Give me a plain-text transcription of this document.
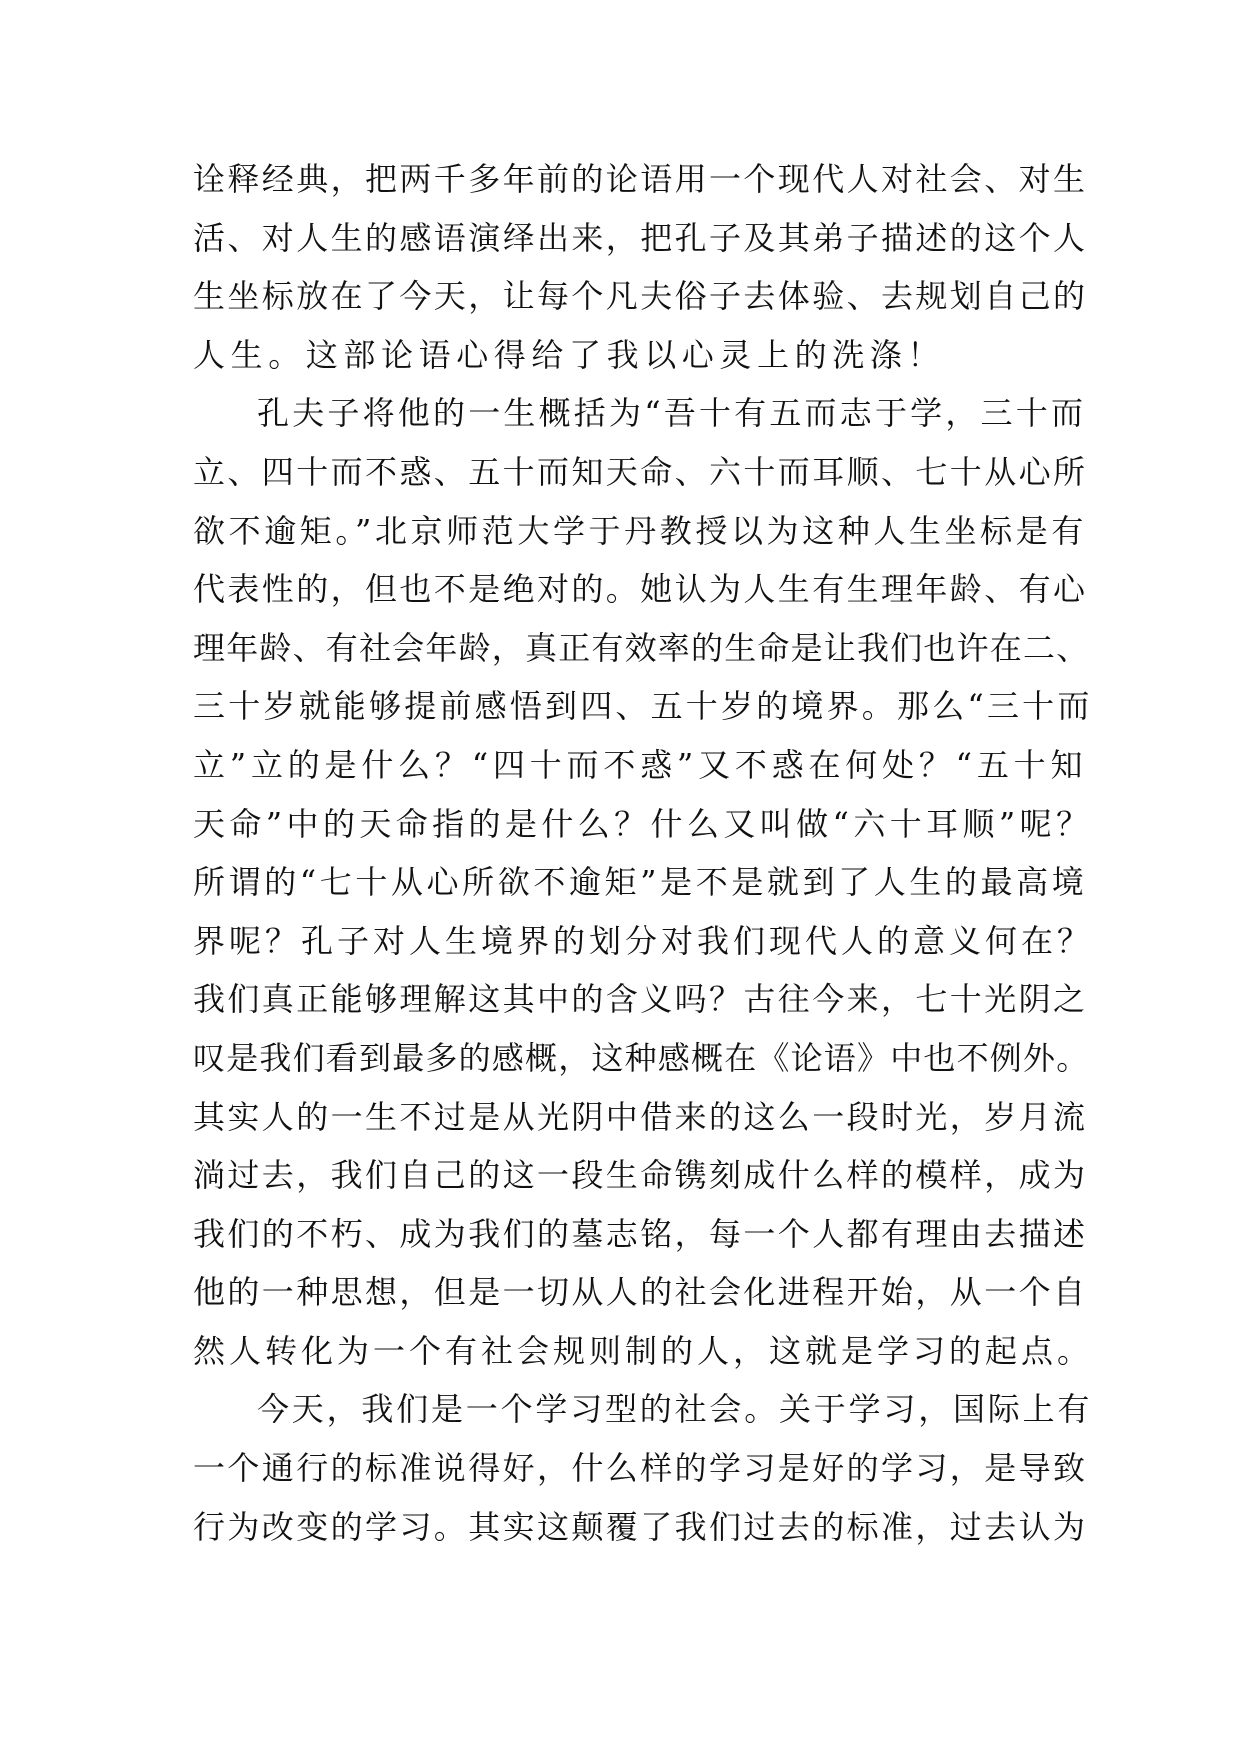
诠释经典，把两千多年前的论语用一个现代人对社会、对生
活、对人生的感语演绎出来，把孔子及其弟子描述的这个人
生坐标放在了今天，让每个凡夫俗子去体验、去规划自己的
人生。这部论语心得给了我以心灵上的洗涤！
孔夫子将他的一生概括为“吾十有五而志于学，三十而
立、四十而不惑、五十而知天命、六十而耳顺、七十从心所
欲不逾矩。”北京师范大学于丹教授以为这种人生坐标是有
代表性的，但也不是绝对的。她认为人生有生理年龄、有心
理年龄、有社会年龄，真正有效率的生命是让我们也许在二、
三十岁就能够提前感悟到四、五十岁的境界。那么“三十而
立”立的是什么？“四十而不惑”又不惑在何处？“五十知
天命”中的天命指的是什么？什么又叫做“六十耳顺”呢？
所谓的“七十从心所欲不逾矩”是不是就到了人生的最高境
界呢？孔子对人生境界的划分对我们现代人的意义何在？
我们真正能够理解这其中的含义吗？古往今来，七十光阴之
叹是我们看到最多的感概，这种感概在《论语》中也不例外。
其实人的一生不过是从光阴中借来的这么一段时光，岁月流
淌过去，我们自己的这一段生命镌刻成什么样的模样，成为
我们的不朽、成为我们的墓志铭，每一个人都有理由去描述
他的一种思想，但是一切从人的社会化进程开始，从一个自
然人转化为一个有社会规则制的人，这就是学习的起点。
今天，我们是一个学习型的社会。关于学习，国际上有
一个通行的标准说得好，什么样的学习是好的学习，是导致
行为改变的学习。其实这颠覆了我们过去的标准，过去认为
